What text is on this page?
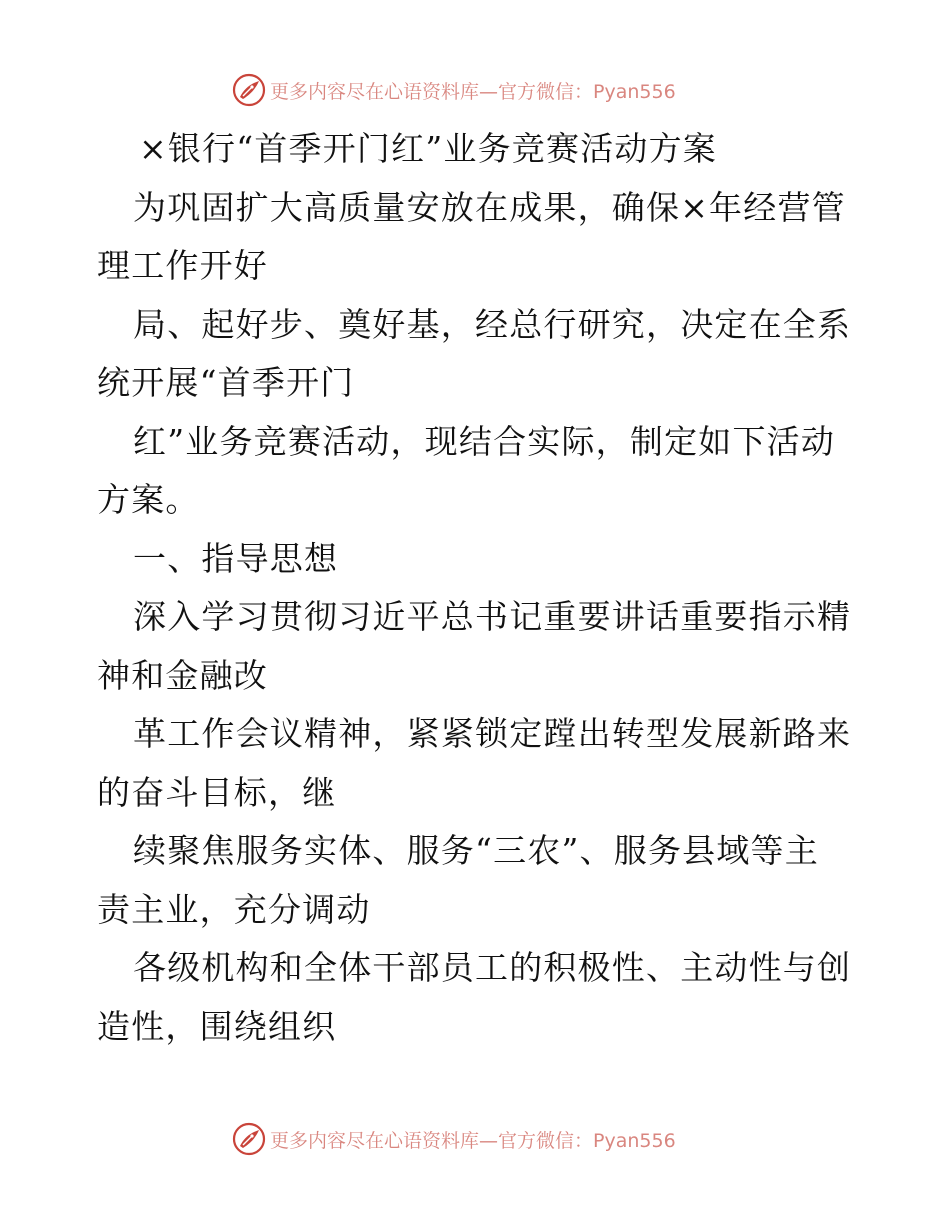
更多内容尽在心语资料库—官方微信：Pyan556
×银行“首季开门红”业务竞赛活动方案
为巩固扩大高质量安放在成果，确保×年经营管
理工作开好
局、起好步、奠好基，经总行研究，决定在全系
统开展“首季开门
红”业务竞赛活动，现结合实际，制定如下活动
方案。
一、指导思想
深入学习贯彻习近平总书记重要讲话重要指示精
神和金融改
革工作会议精神，紧紧锁定蹚出转型发展新路来
的奋斗目标，继
续聚焦服务实体、服务“三农”、服务县域等主
责主业，充分调动
各级机构和全体干部员工的积极性、主动性与创
造性，围绕组织
更多内容尽在心语资料库—官方微信：Pyan556
